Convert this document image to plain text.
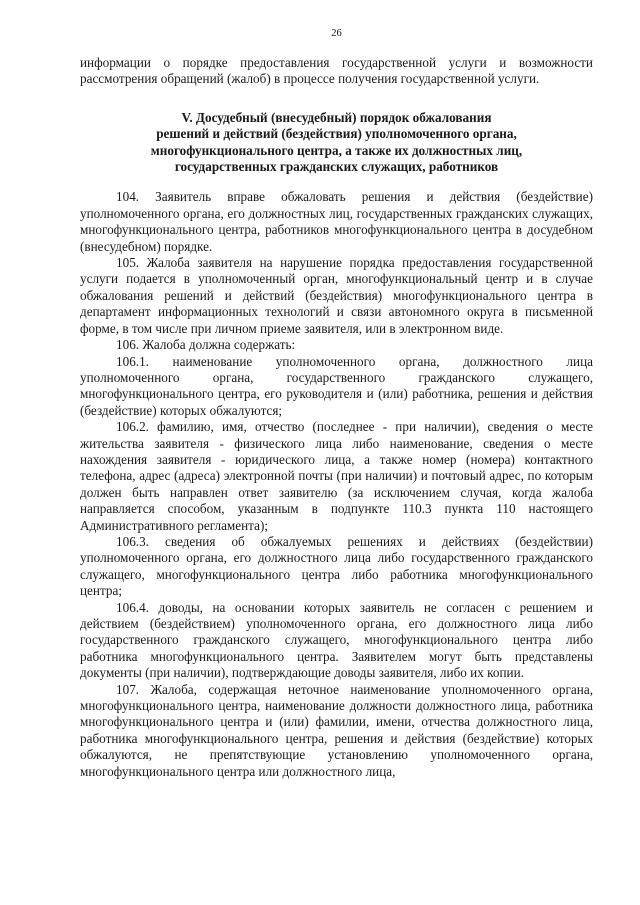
26

информации о порядке предоставления государственной услуги и возможности рассмотрения обращений (жалоб) в процессе получения государственной услуги.

V. Досудебный (внесудебный) порядок обжалования
решений и действий (бездействия) уполномоченного органа,
многофункционального центра, а также их должностных лиц,
государственных гражданских служащих, работников

104. Заявитель вправе обжаловать решения и действия (бездействие) уполномоченного органа, его должностных лиц, государственных гражданских служащих, многофункционального центра, работников многофункционального центра в досудебном (внесудебном) порядке.

105. Жалоба заявителя на нарушение порядка предоставления государственной услуги подается в уполномоченный орган, многофункциональный центр и в случае обжалования решений и действий (бездействия) многофункционального центра в департамент информационных технологий и связи автономного округа в письменной форме, в том числе при личном приеме заявителя, или в электронном виде.

106. Жалоба должна содержать:

106.1. наименование уполномоченного органа, должностного лица уполномоченного органа, государственного гражданского служащего, многофункционального центра, его руководителя и (или) работника, решения и действия (бездействие) которых обжалуются;

106.2. фамилию, имя, отчество (последнее - при наличии), сведения о месте жительства заявителя - физического лица либо наименование, сведения о месте нахождения заявителя - юридического лица, а также номер (номера) контактного телефона, адрес (адреса) электронной почты (при наличии) и почтовый адрес, по которым должен быть направлен ответ заявителю (за исключением случая, когда жалоба направляется способом, указанным в подпункте 110.3 пункта 110 настоящего Административного регламента);

106.3. сведения об обжалуемых решениях и действиях (бездействии) уполномоченного органа, его должностного лица либо государственного гражданского служащего, многофункционального центра либо работника многофункционального центра;

106.4. доводы, на основании которых заявитель не согласен с решением и действием (бездействием) уполномоченного органа, его должностного лица либо государственного гражданского служащего, многофункционального центра либо работника многофункционального центра. Заявителем могут быть представлены документы (при наличии), подтверждающие доводы заявителя, либо их копии.

107. Жалоба, содержащая неточное наименование уполномоченного органа, многофункционального центра, наименование должности должностного лица, работника многофункционального центра и (или) фамилии, имени, отчества должностного лица, работника многофункционального центра, решения и действия (бездействие) которых обжалуются, не препятствующие установлению уполномоченного органа, многофункционального центра или должностного лица,
